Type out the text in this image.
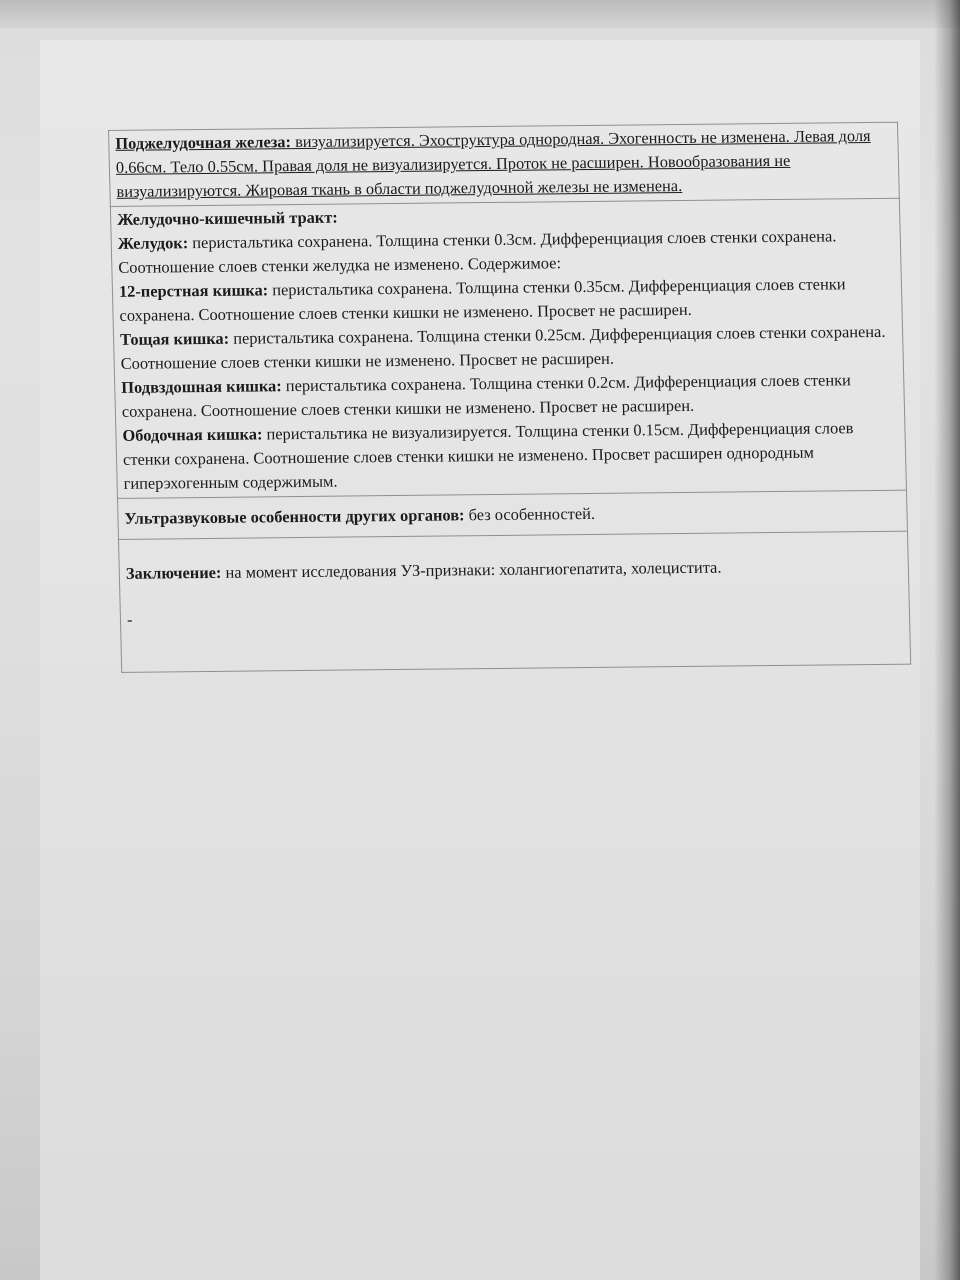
Поджелудочная железа: визуализируется. Эхоструктура однородная. Эхогенность не изменена. Левая доля 0.66см. Тело 0.55см. Правая доля не визуализируется. Проток не расширен. Новообразования не визуализируются. Жировая ткань в области поджелудочной железы не изменена.

Желудочно-кишечный тракт:
Желудок: перистальтика сохранена. Толщина стенки 0.3см. Дифференциация слоев стенки сохранена. Соотношение слоев стенки желудка не изменено. Содержимое:
12-перстная кишка: перистальтика сохранена. Толщина стенки 0.35см. Дифференциация слоев стенки сохранена. Соотношение слоев стенки кишки не изменено. Просвет не расширен.
Тощая кишка: перистальтика сохранена. Толщина стенки 0.25см. Дифференциация слоев стенки сохранена. Соотношение слоев стенки кишки не изменено. Просвет не расширен.
Подвздошная кишка: перистальтика сохранена. Толщина стенки 0.2см. Дифференциация слоев стенки сохранена. Соотношение слоев стенки кишки не изменено. Просвет не расширен.
Ободочная кишка: перистальтика не визуализируется. Толщина стенки 0.15см. Дифференциация слоев стенки сохранена. Соотношение слоев стенки кишки не изменено. Просвет расширен однородным гиперэхогенным содержимым.

Ультразвуковые особенности других органов: без особенностей.
Заключение: на момент исследования УЗ-признаки: холангиогепатита, холецистита.
-
